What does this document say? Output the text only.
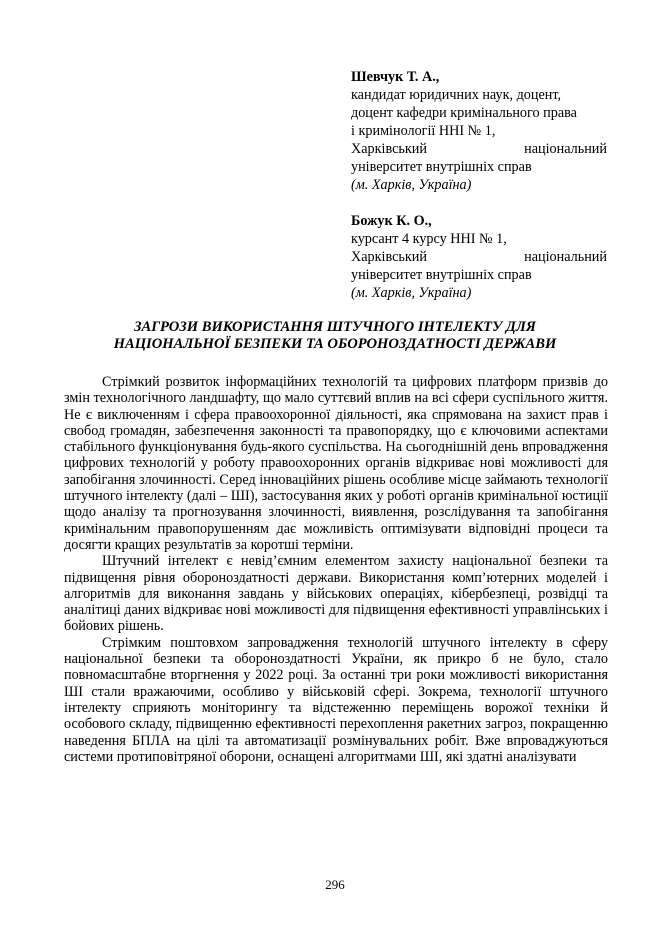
Шевчук Т. А.,
кандидат юридичних наук, доцент,
доцент кафедри кримінального права
і кримінології ННІ № 1,
Харківський національний
університет внутрішніх справ
(м. Харків, Україна)
Божук К. О.,
курсант 4 курсу ННІ № 1,
Харківський національний
університет внутрішніх справ
(м. Харків, Україна)
ЗАГРОЗИ ВИКОРИСТАННЯ ШТУЧНОГО ІНТЕЛЕКТУ ДЛЯ
НАЦІОНАЛЬНОЇ БЕЗПЕКИ ТА ОБОРОНОЗДАТНОСТІ ДЕРЖАВИ

Стрімкий розвиток інформаційних технологій та цифрових платформ призвів до змін технологічного ландшафту, що мало суттєвий вплив на всі сфери суспільного життя. Не є виключенням і сфера правоохоронної діяльності, яка спрямована на захист прав і свобод громадян, забезпечення законності та правопорядку, що є ключовими аспектами стабільного функціонування будь-якого суспільства. На сьогоднішній день впровадження цифрових технологій у роботу правоохоронних органів відкриває нові можливості для запобігання злочинності. Серед інноваційних рішень особливе місце займають технології штучного інтелекту (далі – ШІ), застосування яких у роботі органів кримінальної юстиції щодо аналізу та прогнозування злочинності, виявлення, розслідування та запобігання кримінальним правопорушенням дає можливість оптимізувати відповідні процеси та досягти кращих результатів за коротші терміни.

Штучний інтелект є невід’ємним елементом захисту національної безпеки та підвищення рівня обороноздатності держави. Використання комп’ютерних моделей і алгоритмів для виконання завдань у військових операціях, кібербезпеці, розвідці та аналітиці даних відкриває нові можливості для підвищення ефективності управлінських і бойових рішень.

Стрімким поштовхом запровадження технологій штучного інтелекту в сферу національної безпеки та обороноздатності України, як прикро б не було, стало повномасштабне вторгнення у 2022 році. За останні три роки можливості використання ШІ стали вражаючими, особливо у військовій сфері. Зокрема, технології штучного інтелекту сприяють моніторингу та відстеженню переміщень ворожої техніки й особового складу, підвищенню ефективності перехоплення ракетних загроз, покращенню наведення БПЛА на цілі та автоматизації розмінувальних робіт. Вже впроваджуються системи протиповітряної оборони, оснащені алгоритмами ШІ, які здатні аналізувати

296
